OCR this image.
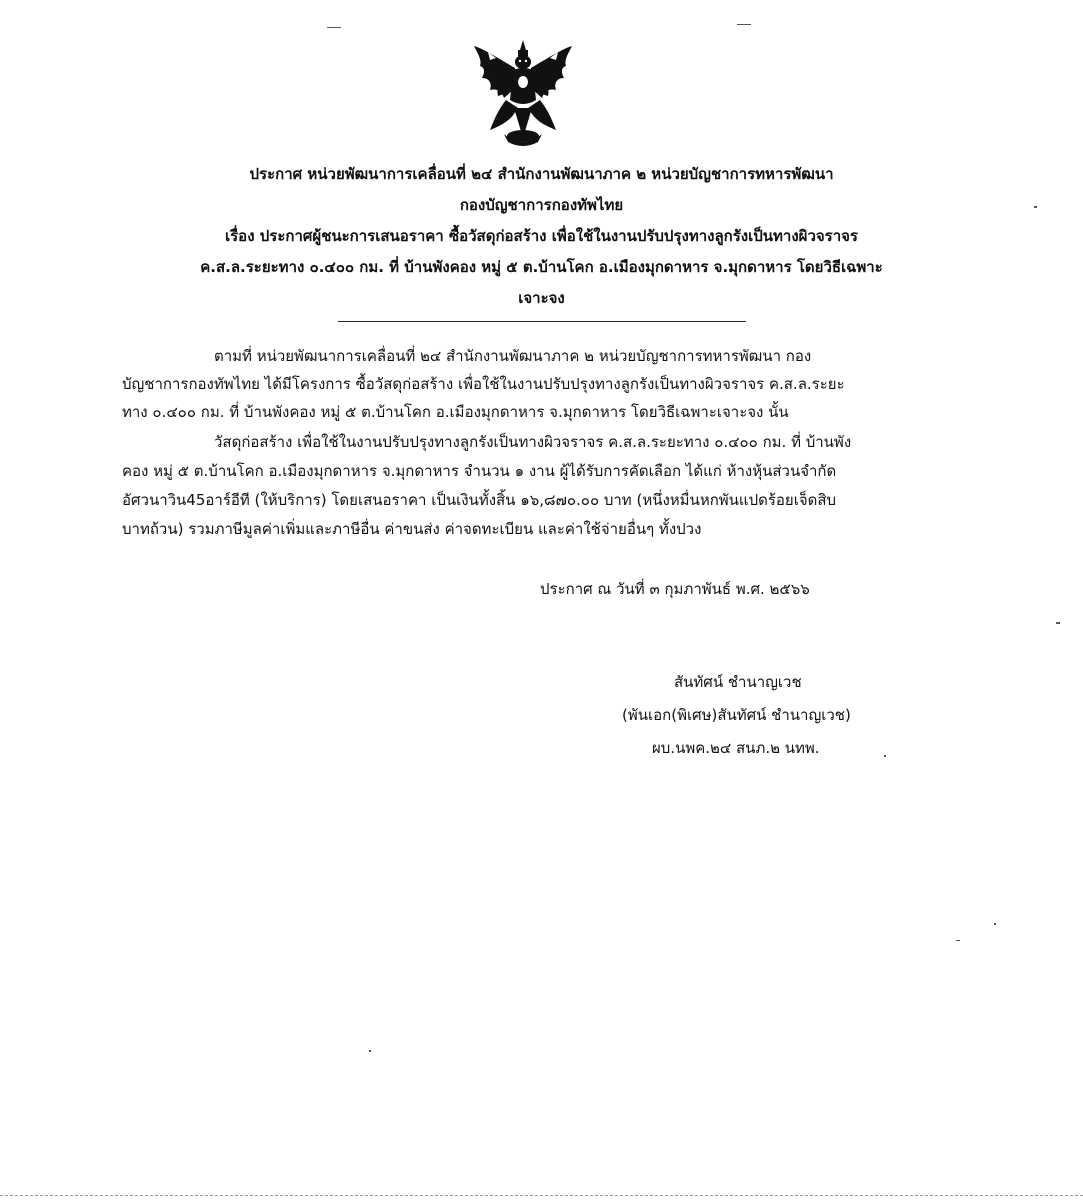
ประกาศ หน่วยพัฒนาการเคลื่อนที่ ๒๔ สำนักงานพัฒนาภาค ๒ หน่วยบัญชาการทหารพัฒนา

กองบัญชาการกองทัพไทย

เรื่อง ประกาศผู้ชนะการเสนอราคา ซื้อวัสดุก่อสร้าง เพื่อใช้ในงานปรับปรุงทางลูกรังเป็นทางผิวจราจร

ค.ส.ล.ระยะทาง ๐.๔๐๐ กม. ที่ บ้านพังคอง หมู่ ๕ ต.บ้านโคก อ.เมืองมุกดาหาร จ.มุกดาหาร โดยวิธีเฉพาะ

เจาะจง

ตามที่ หน่วยพัฒนาการเคลื่อนที่ ๒๔ สำนักงานพัฒนาภาค ๒ หน่วยบัญชาการทหารพัฒนา กอง
บัญชาการกองทัพไทย ได้มีโครงการ ซื้อวัสดุก่อสร้าง เพื่อใช้ในงานปรับปรุงทางลูกรังเป็นทางผิวจราจร ค.ส.ล.ระยะ
ทาง ๐.๔๐๐ กม. ที่ บ้านพังคอง หมู่ ๕ ต.บ้านโคก อ.เมืองมุกดาหาร จ.มุกดาหาร โดยวิธีเฉพาะเจาะจง นั้น
วัสดุก่อสร้าง เพื่อใช้ในงานปรับปรุงทางลูกรังเป็นทางผิวจราจร ค.ส.ล.ระยะทาง ๐.๔๐๐ กม. ที่ บ้านพัง
คอง หมู่ ๕ ต.บ้านโคก อ.เมืองมุกดาหาร จ.มุกดาหาร จำนวน ๑ งาน ผู้ได้รับการคัดเลือก ได้แก่ ห้างหุ้นส่วนจำกัด
อัศวนาวิน45อาร์อีที (ให้บริการ) โดยเสนอราคา เป็นเงินทั้งสิ้น ๑๖,๘๗๐.๐๐ บาท (หนึ่งหมื่นหกพันแปดร้อยเจ็ดสิบ
บาทถ้วน) รวมภาษีมูลค่าเพิ่มและภาษีอื่น ค่าขนส่ง ค่าจดทะเบียน และค่าใช้จ่ายอื่นๆ ทั้งปวง
ประกาศ ณ วันที่ ๓ กุมภาพันธ์ พ.ศ. ๒๕๖๖
สันทัศน์ ชำนาญเวช
(พันเอก(พิเศษ)สันทัศน์ ชำนาญเวช)
ผบ.นพค.๒๔ สนภ.๒ นทพ.
